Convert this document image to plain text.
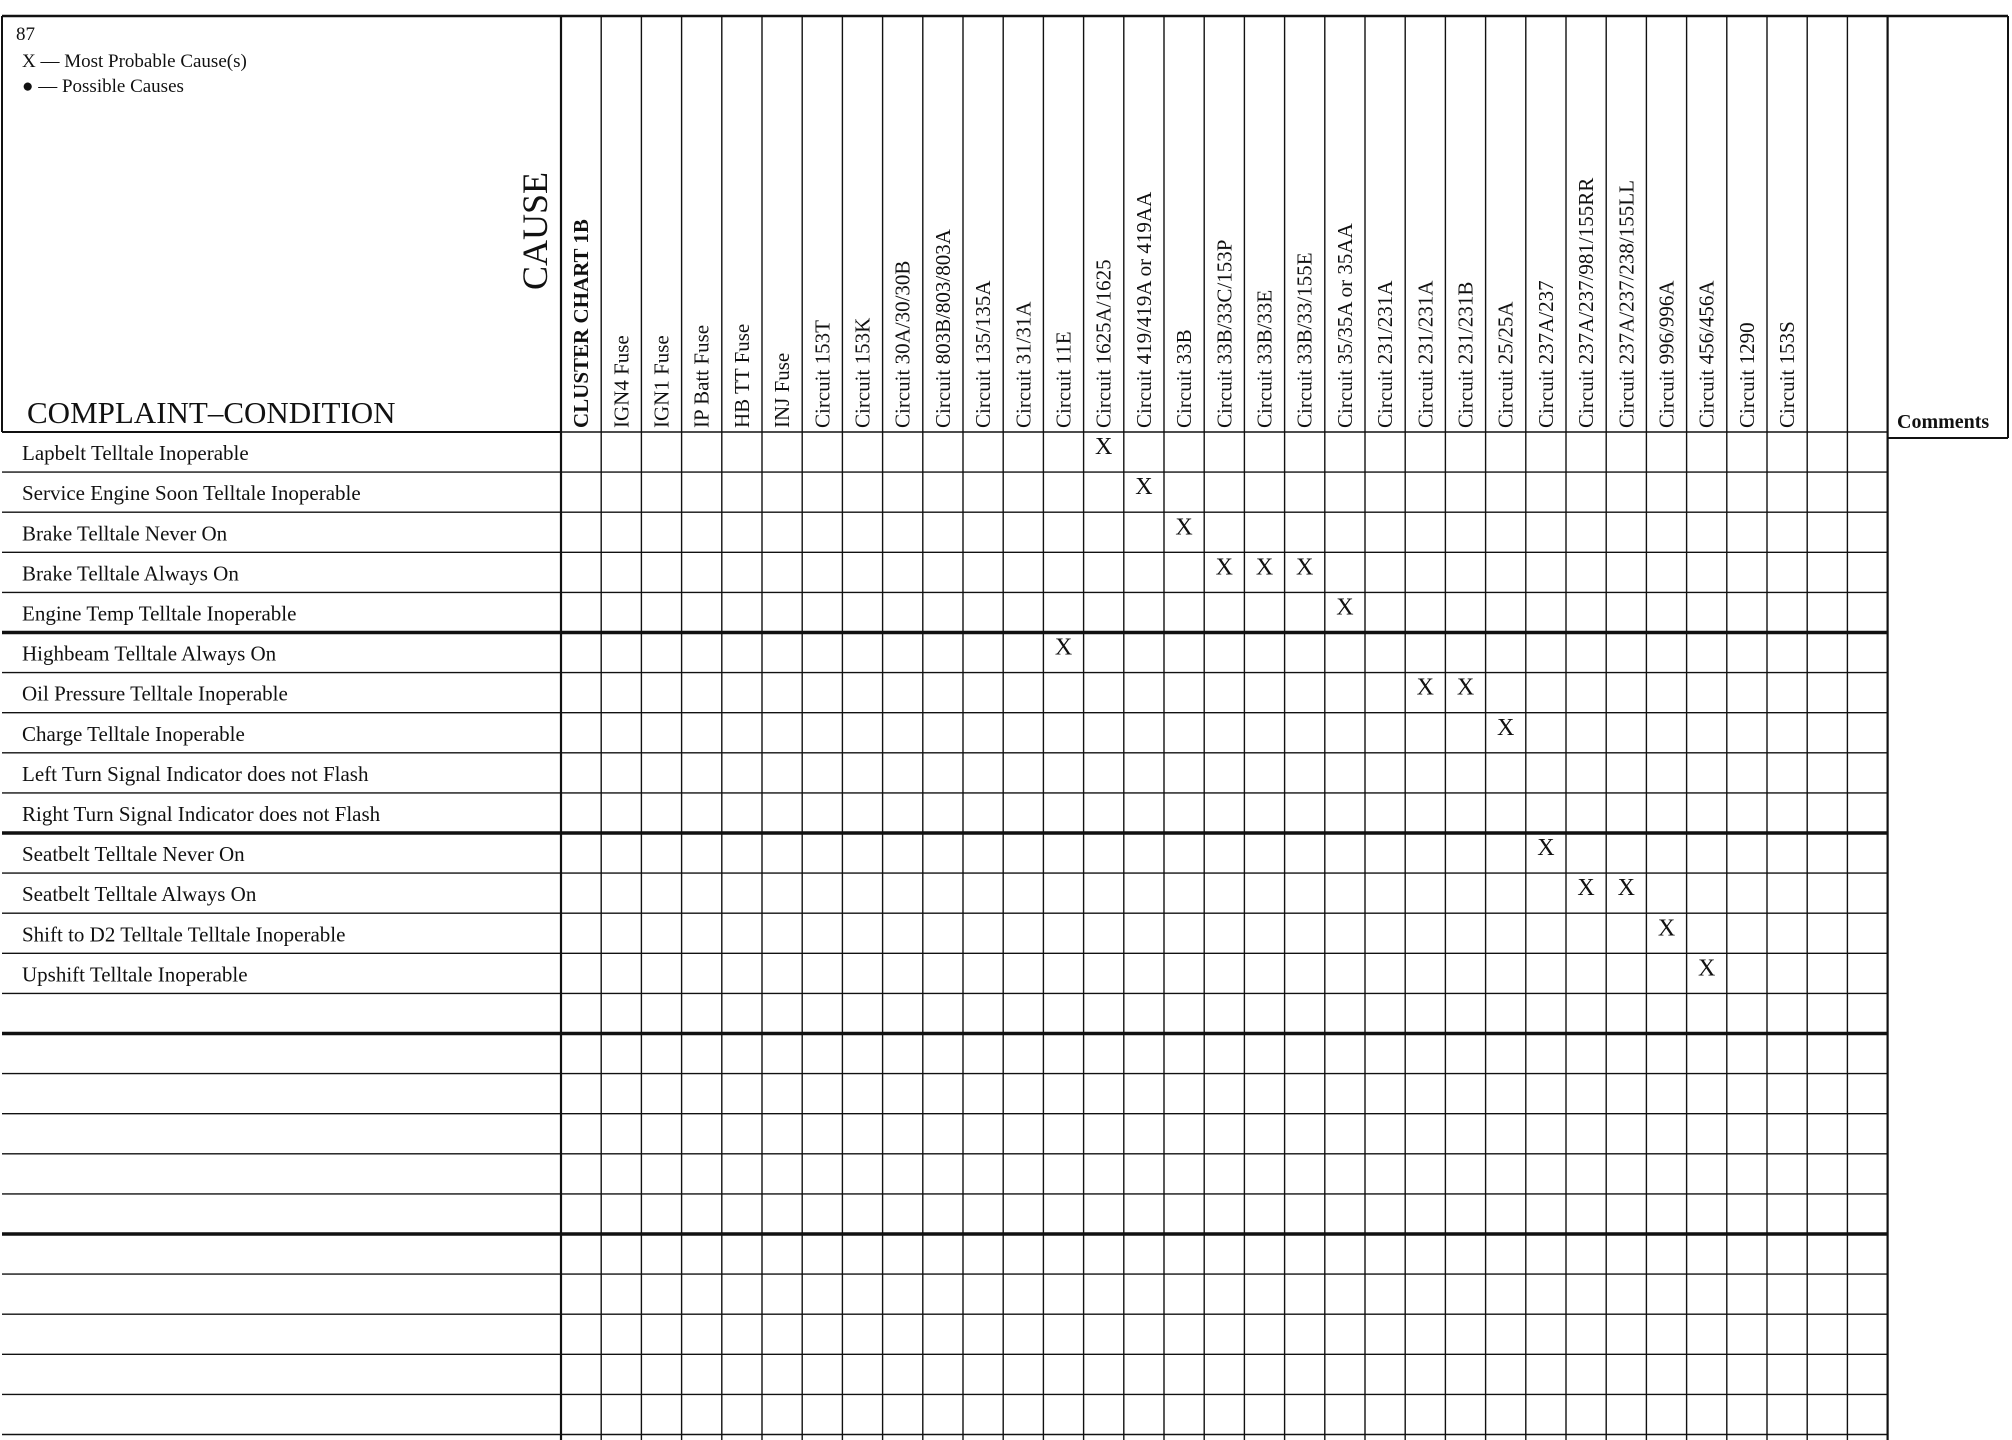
87
X — Most Probable Cause(s)
● — Possible Causes
CAUSE
COMPLAINT–CONDITION	Comments
CLUSTER CHART 1B IGN4 Fuse IGN1 Fuse IP Batt Fuse HB TT Fuse INJ Fuse Circuit 153T Circuit 153K Circuit 30A/30/30B Circuit 803B/803/803A Circuit 135/135A Circuit 31/31A Circuit 11E Circuit 1625A/1625 Circuit 419/419A or 419AA Circuit 33B Circuit 33B/33C/153P Circuit 33B/33E Circuit 33B/33/155E Circuit 35/35A or 35AA Circuit 231/231A Circuit 231/231A Circuit 231/231B Circuit 25/25A Circuit 237A/237 Circuit 237A/237/981/155RR Circuit 237A/237/238/155LL Circuit 996/996A Circuit 456/456A Circuit 1290 Circuit 153S
Lapbelt Telltale Inoperable
Service Engine Soon Telltale Inoperable
Brake Telltale Never On
Brake Telltale Always On
Engine Temp Telltale Inoperable
Highbeam Telltale Always On
Oil Pressure Telltale Inoperable
Charge Telltale Inoperable
Left Turn Signal Indicator does not Flash
Right Turn Signal Indicator does not Flash
Seatbelt Telltale Never On
Seatbelt Telltale Always On
Shift to D2 Telltale Telltale Inoperable
Upshift Telltale Inoperable
X
X
X
X X X
X
X
X X
X
X
X X
X
X
